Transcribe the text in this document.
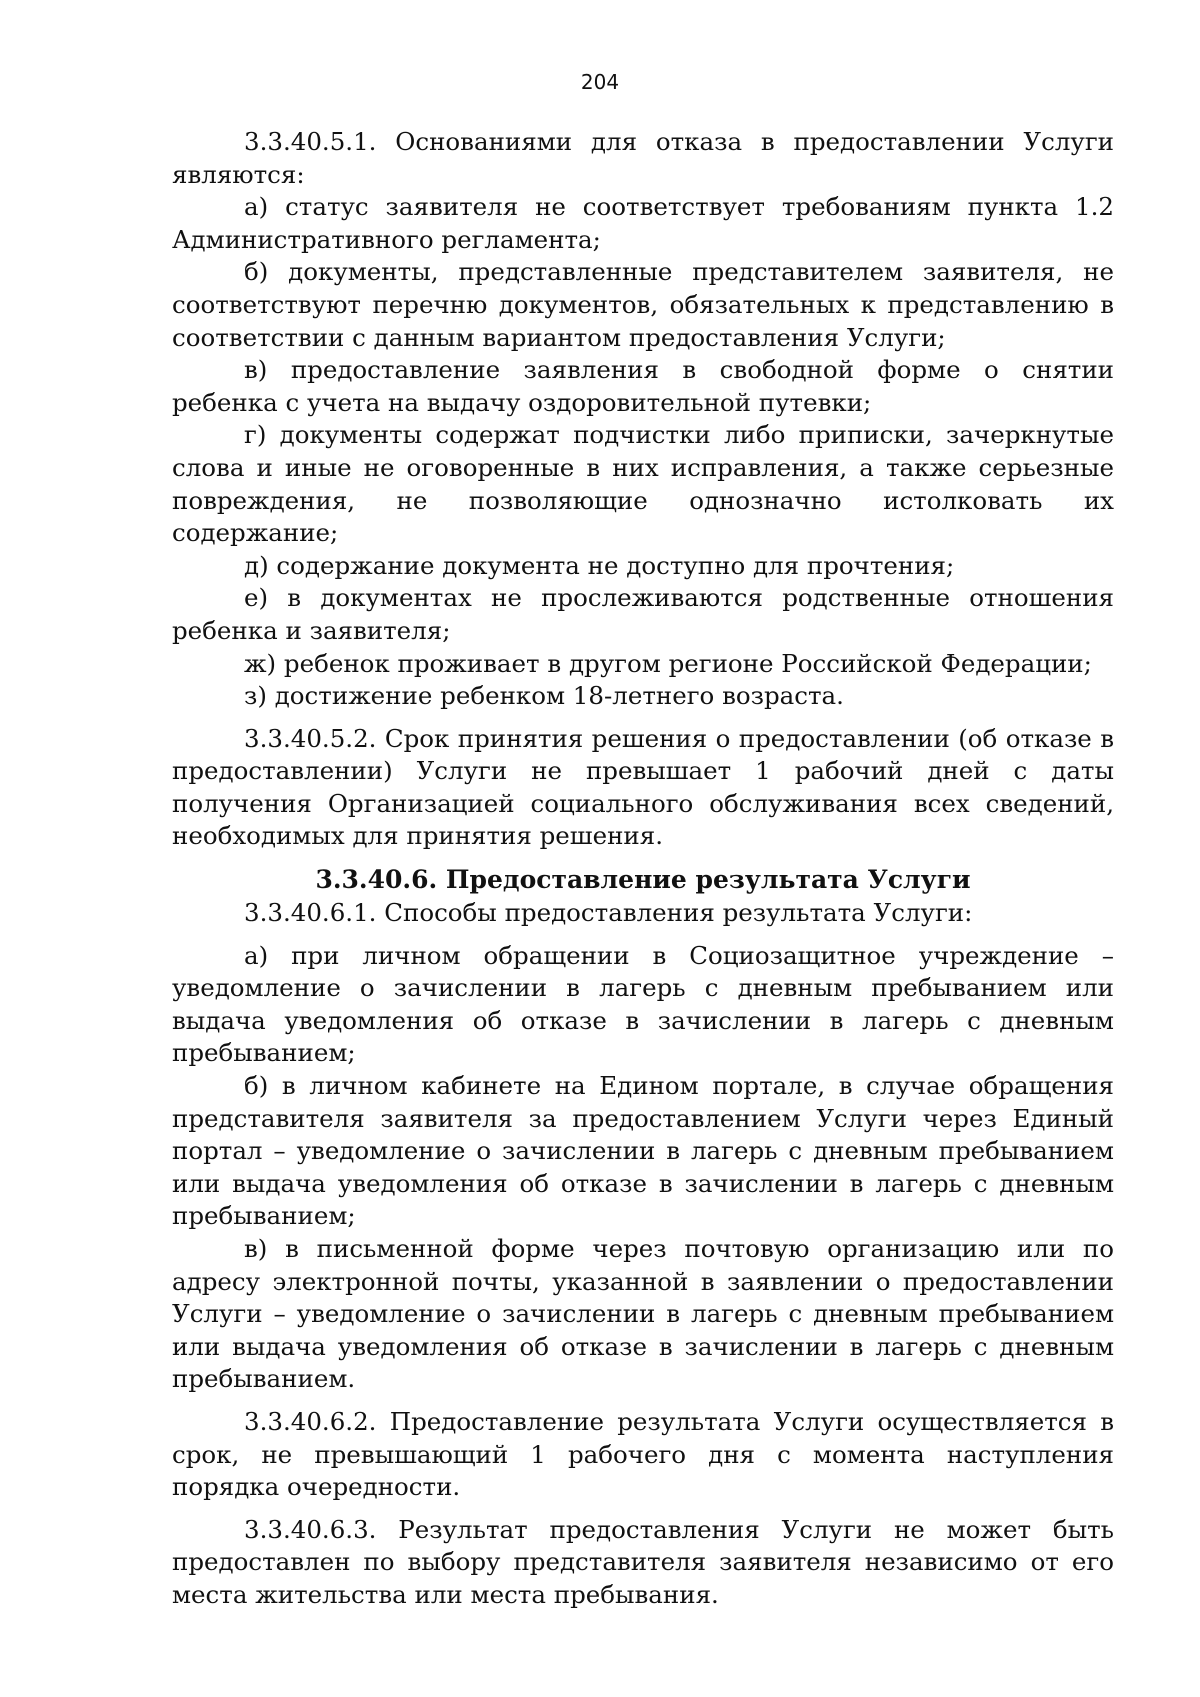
204

3.3.40.5.1. Основаниями для отказа в предоставлении Услуги являются:

а) статус заявителя не соответствует требованиям пункта 1.2 Административного регламента;

б) документы, представленные представителем заявителя, не соответствуют перечню документов, обязательных к представлению в соответствии с данным вариантом предоставления Услуги;

в) предоставление заявления в свободной форме о снятии ребенка с учета на выдачу оздоровительной путевки;

г) документы содержат подчистки либо приписки, зачеркнутые слова и иные не оговоренные в них исправления, а также серьезные повреждения, не позволяющие однозначно истолковать их содержание;

д) содержание документа не доступно для прочтения;

е) в документах не прослеживаются родственные отношения ребенка и заявителя;

ж) ребенок проживает в другом регионе Российской Федерации;

з) достижение ребенком 18-летнего возраста.

3.3.40.5.2. Срок принятия решения о предоставлении (об отказе в предоставлении) Услуги не превышает 1 рабочий дней с даты получения Организацией социального обслуживания всех сведений, необходимых для принятия решения.

3.3.40.6. Предоставление результата Услуги

3.3.40.6.1. Способы предоставления результата Услуги:

а) при личном обращении в Социозащитное учреждение – уведомление о зачислении в лагерь с дневным пребыванием или выдача уведомления об отказе в зачислении в лагерь с дневным пребыванием;

б) в личном кабинете на Едином портале, в случае обращения представителя заявителя за предоставлением Услуги через Единый портал – уведомление о зачислении в лагерь с дневным пребыванием или выдача уведомления об отказе в зачислении в лагерь с дневным пребыванием;

в) в письменной форме через почтовую организацию или по адресу электронной почты, указанной в заявлении о предоставлении Услуги – уведомление о зачислении в лагерь с дневным пребыванием или выдача уведомления об отказе в зачислении в лагерь с дневным пребыванием.

3.3.40.6.2. Предоставление результата Услуги осуществляется в срок, не превышающий 1 рабочего дня с момента наступления порядка очередности.

3.3.40.6.3. Результат предоставления Услуги не может быть предоставлен по выбору представителя заявителя независимо от его места жительства или места пребывания.
